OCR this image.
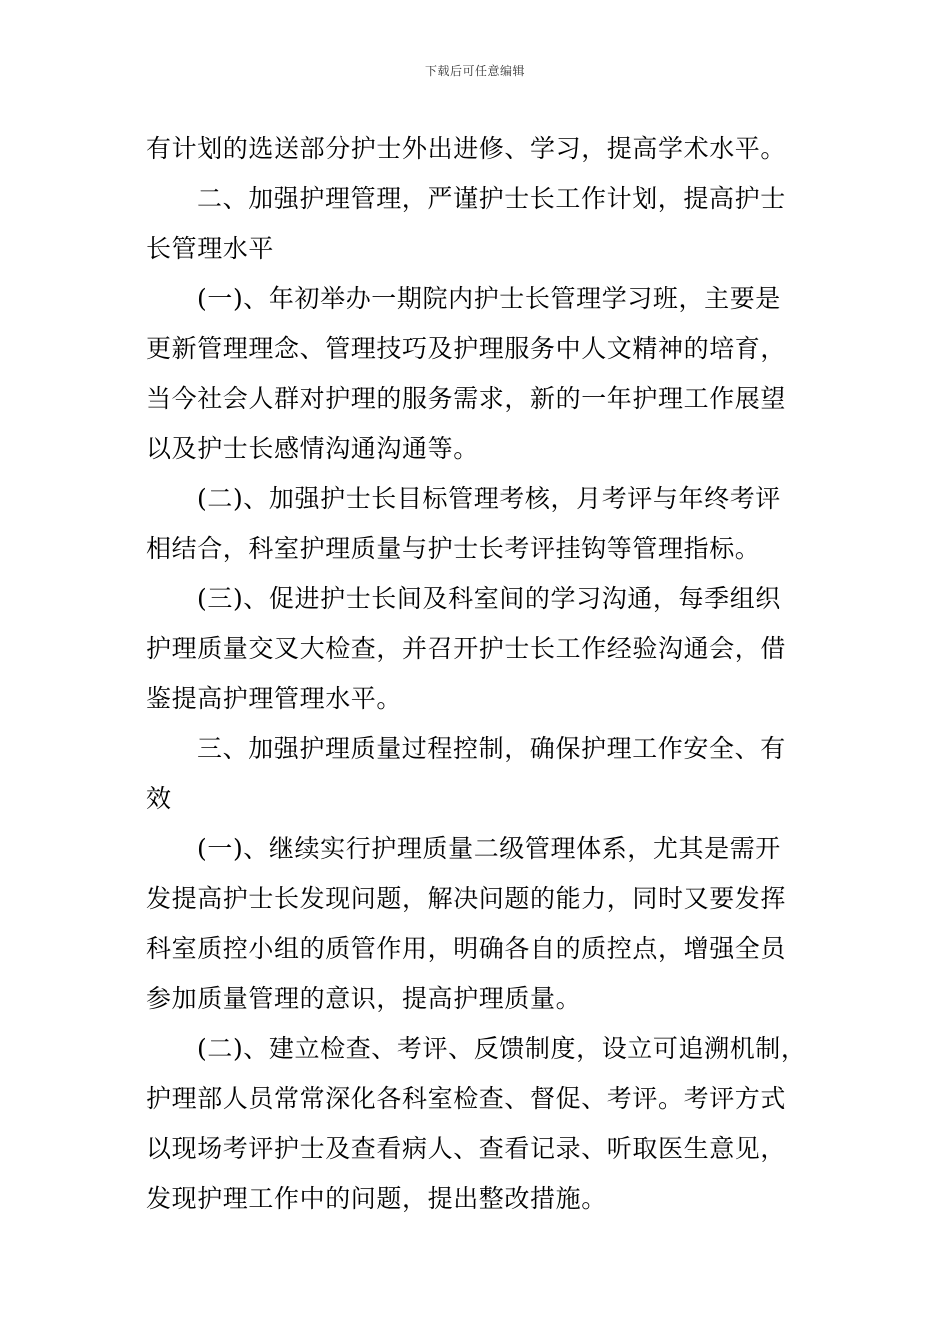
下载后可任意编辑
有计划的选送部分护士外出进修、学习，提高学术水平。
二、加强护理管理，严谨护士长工作计划，提高护士
长管理水平
(一)、年初举办一期院内护士长管理学习班，主要是
更新管理理念、管理技巧及护理服务中人文精神的培育，
当今社会人群对护理的服务需求，新的一年护理工作展望
以及护士长感情沟通沟通等。
(二)、加强护士长目标管理考核，月考评与年终考评
相结合，科室护理质量与护士长考评挂钩等管理指标。
(三)、促进护士长间及科室间的学习沟通，每季组织
护理质量交叉大检查，并召开护士长工作经验沟通会，借
鉴提高护理管理水平。
三、加强护理质量过程控制，确保护理工作安全、有
效
(一)、继续实行护理质量二级管理体系，尤其是需开
发提高护士长发现问题，解决问题的能力，同时又要发挥
科室质控小组的质管作用，明确各自的质控点，增强全员
参加质量管理的意识，提高护理质量。
(二)、建立检查、考评、反馈制度，设立可追溯机制，
护理部人员常常深化各科室检查、督促、考评。考评方式
以现场考评护士及查看病人、查看记录、听取医生意见，
发现护理工作中的问题，提出整改措施。
